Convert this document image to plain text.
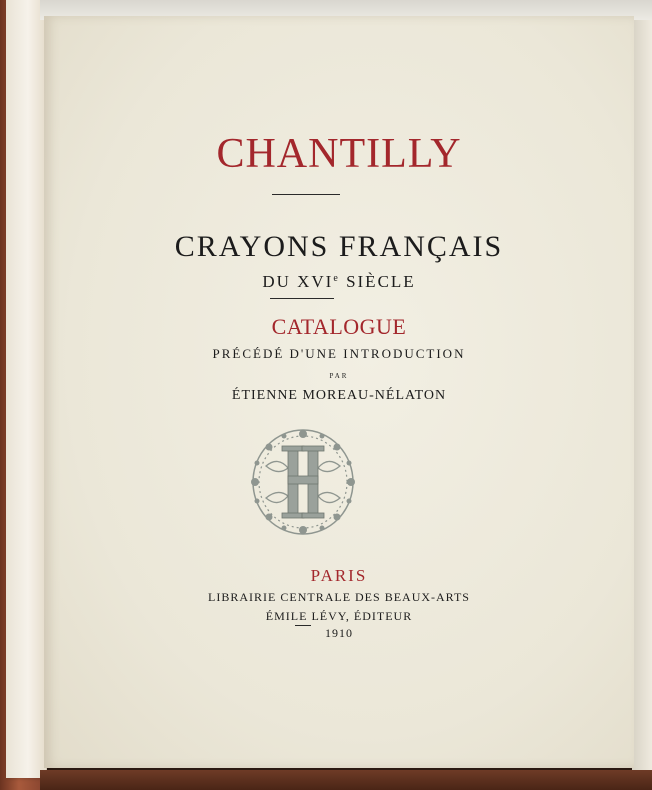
CHANTILLY
CRAYONS FRANÇAIS
DU XVIe SIÈCLE
CATALOGUE
PRÉCÉDÉ D'UNE INTRODUCTION
PAR
ÉTIENNE MOREAU-NÉLATON
PARIS
LIBRAIRIE CENTRALE DES BEAUX-ARTS
ÉMILE LÉVY, ÉDITEUR
1910
